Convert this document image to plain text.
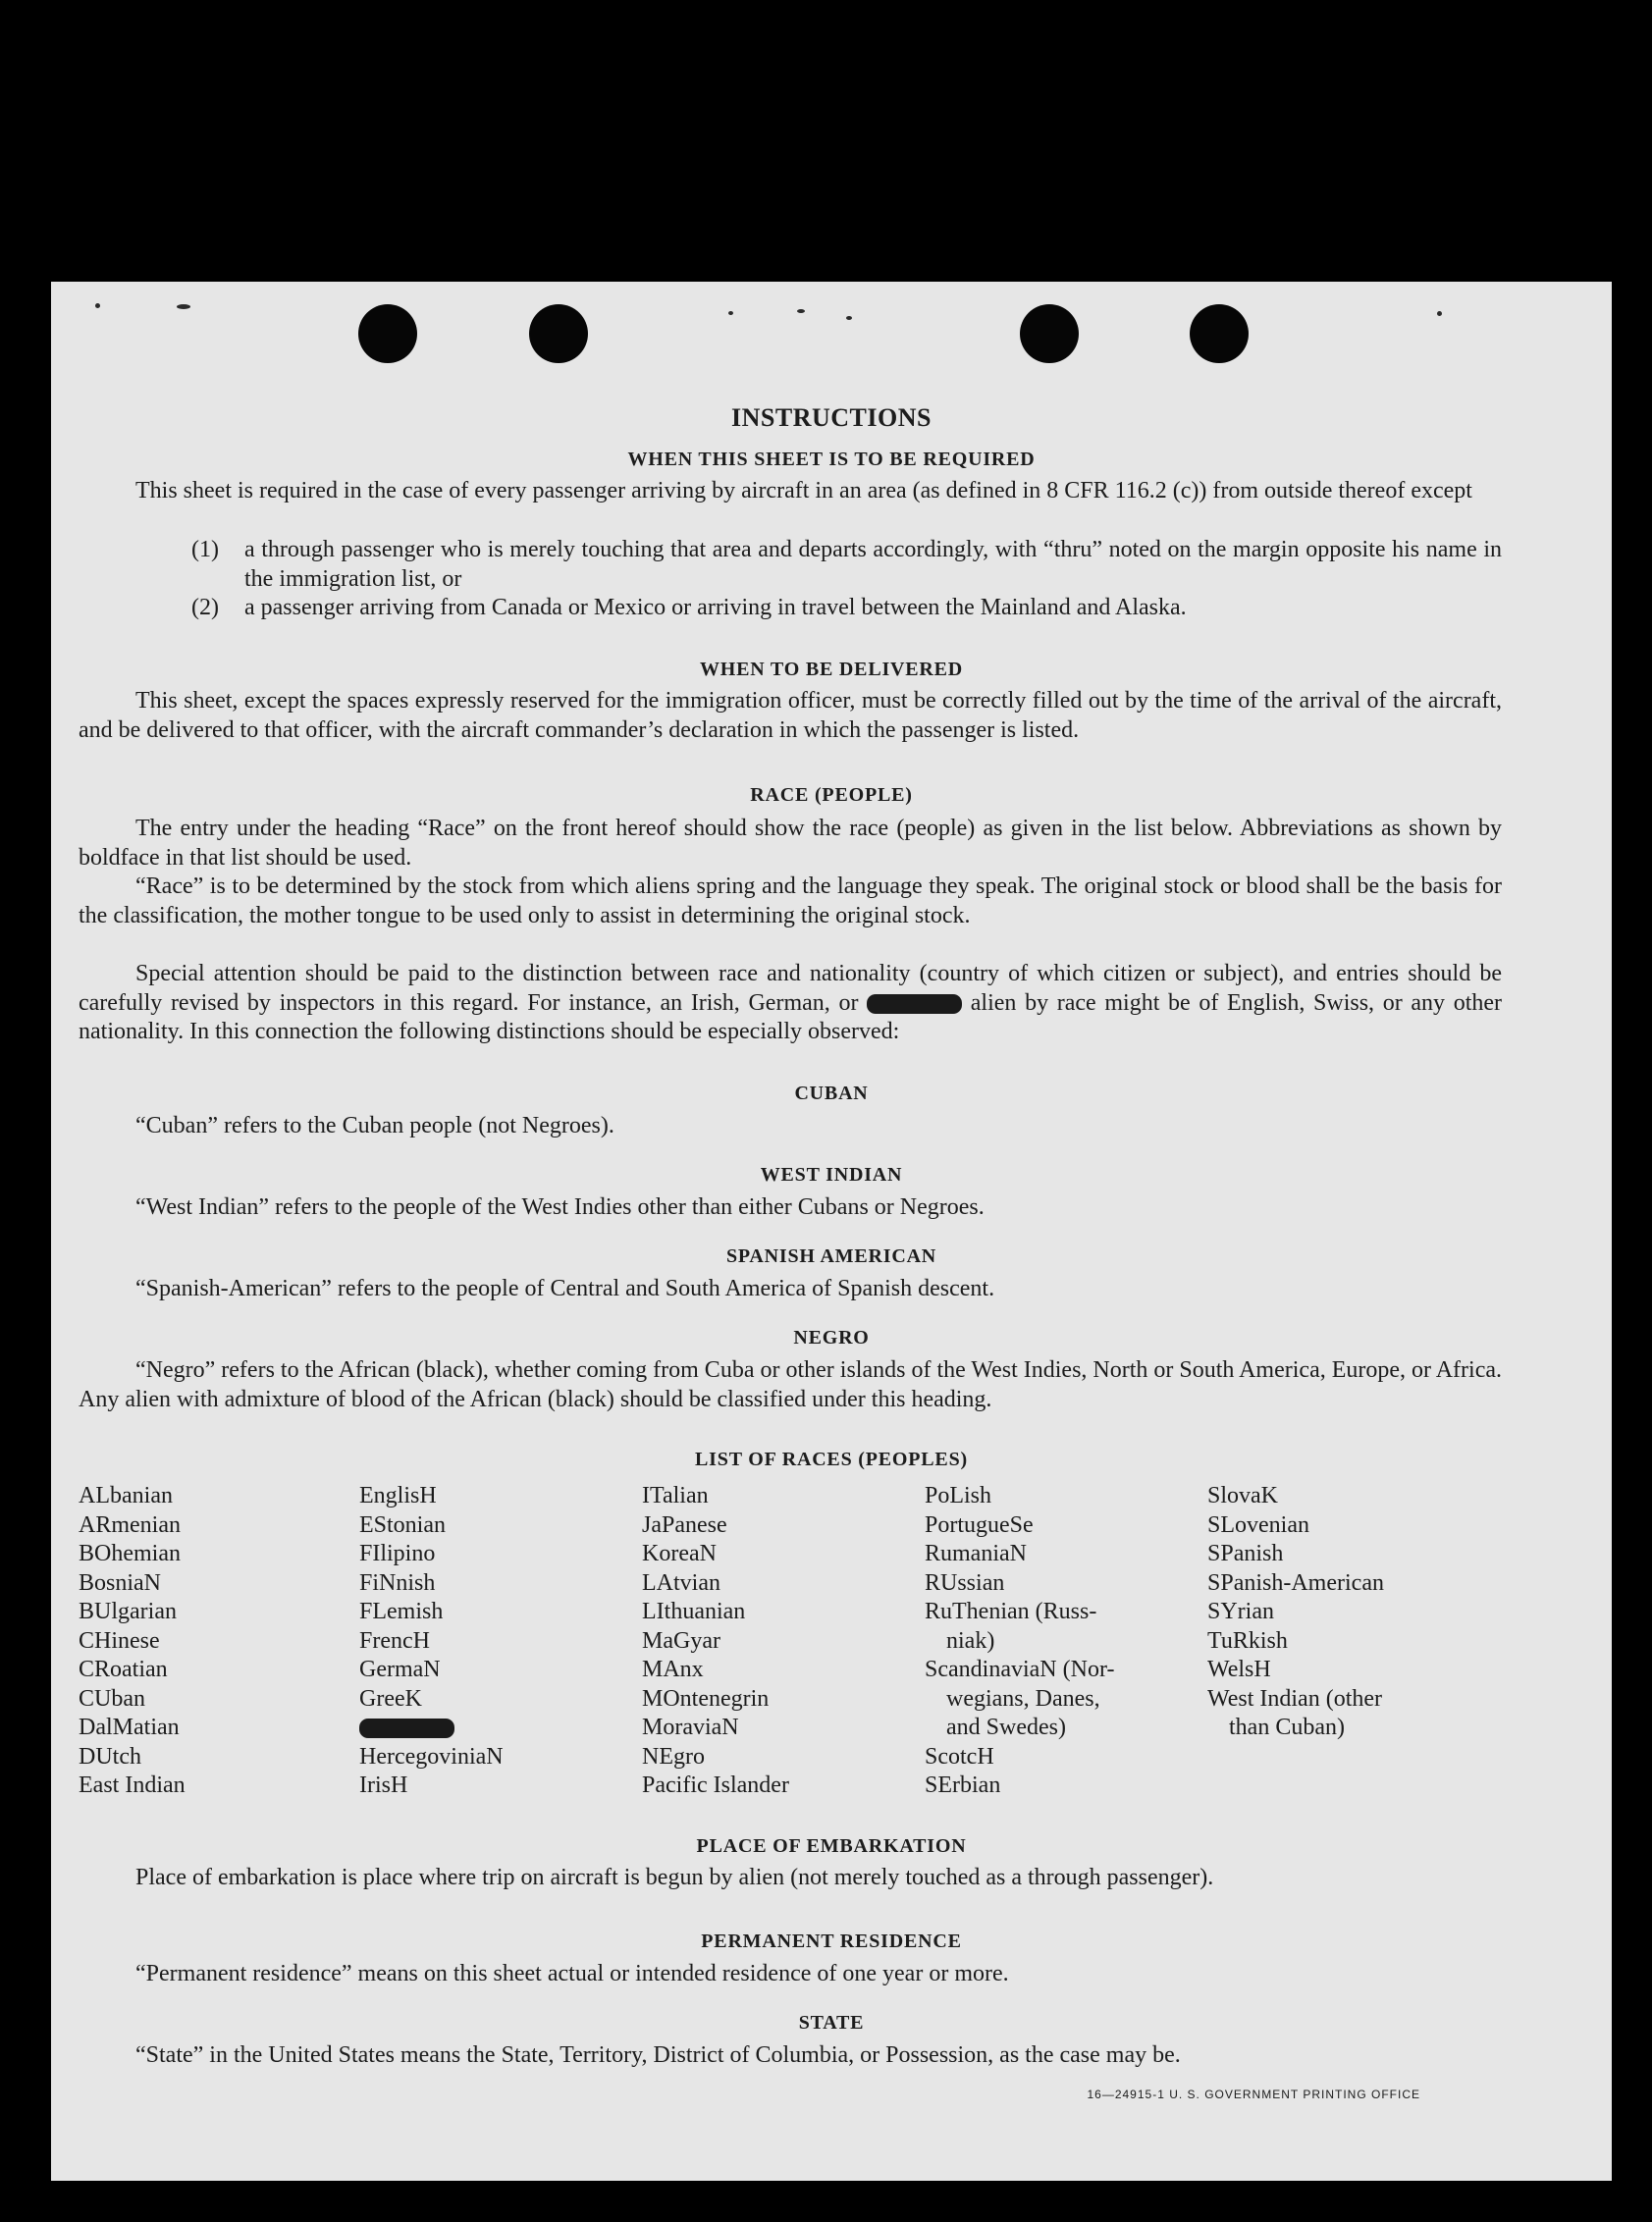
INSTRUCTIONS
WHEN THIS SHEET IS TO BE REQUIRED
This sheet is required in the case of every passenger arriving by aircraft in an area (as defined in 8 CFR 116.2 (c)) from outside thereof except
(1) a through passenger who is merely touching that area and departs accordingly, with “thru” noted on the margin opposite his name in the immigration list, or
(2) a passenger arriving from Canada or Mexico or arriving in travel between the Mainland and Alaska.
WHEN TO BE DELIVERED
This sheet, except the spaces expressly reserved for the immigration officer, must be correctly filled out by the time of the arrival of the aircraft, and be delivered to that officer, with the aircraft commander’s declaration in which the passenger is listed.
RACE (PEOPLE)
The entry under the heading “Race” on the front hereof should show the race (people) as given in the list below. Abbreviations as shown by boldface in that list should be used.
“Race” is to be determined by the stock from which aliens spring and the language they speak. The original stock or blood shall be the basis for the classification, the mother tongue to be used only to assist in determining the original stock.
Special attention should be paid to the distinction between race and nationality (country of which citizen or subject), and entries should be carefully revised by inspectors in this regard. For instance, an Irish, German, or	alien by race might be of English, Swiss, or any other nationality. In this connection the following distinctions should be especially observed:
CUBAN
“Cuban” refers to the Cuban people (not Negroes).
WEST INDIAN
“West Indian” refers to the people of the West Indies other than either Cubans or Negroes.
SPANISH AMERICAN
“Spanish-American” refers to the people of Central and South America of Spanish descent.
NEGRO
“Negro” refers to the African (black), whether coming from Cuba or other islands of the West Indies, North or South America, Europe, or Africa. Any alien with admixture of blood of the African (black) should be classified under this heading.
LIST OF RACES (PEOPLES)
ALbanian
ARmenian
BOhemian
BosniaN
BUlgarian
CHinese
CRoatian
CUban
DalMatian
DUtch
East Indian
EnglisH
EStonian
FIlipino
FiNnish
FLemish
FrencH
GermaN
GreeK
HercegoviniaN
IrisH
ITalian
JaPanese
KoreaN
LAtvian
LIthuanian
MaGyar
MAnx
MOntenegrin
MoraviaN
NEgro
Pacific Islander
PoLish
PortugueSe
RumaniaN
RUssian
RuThenian (Russ-
niak)
ScandinaviaN (Nor-
wegians, Danes,
and Swedes)
ScotcH
SErbian
SlovaK
SLovenian
SPanish
SPanish-American
SYrian
TuRkish
WelsH
West Indian (other
than Cuban)
PLACE OF EMBARKATION
Place of embarkation is place where trip on aircraft is begun by alien (not merely touched as a through passenger).
PERMANENT RESIDENCE
“Permanent residence” means on this sheet actual or intended residence of one year or more.
STATE
“State” in the United States means the State, Territory, District of Columbia, or Possession, as the case may be.
16—24915-1 U. S. GOVERNMENT PRINTING OFFICE
